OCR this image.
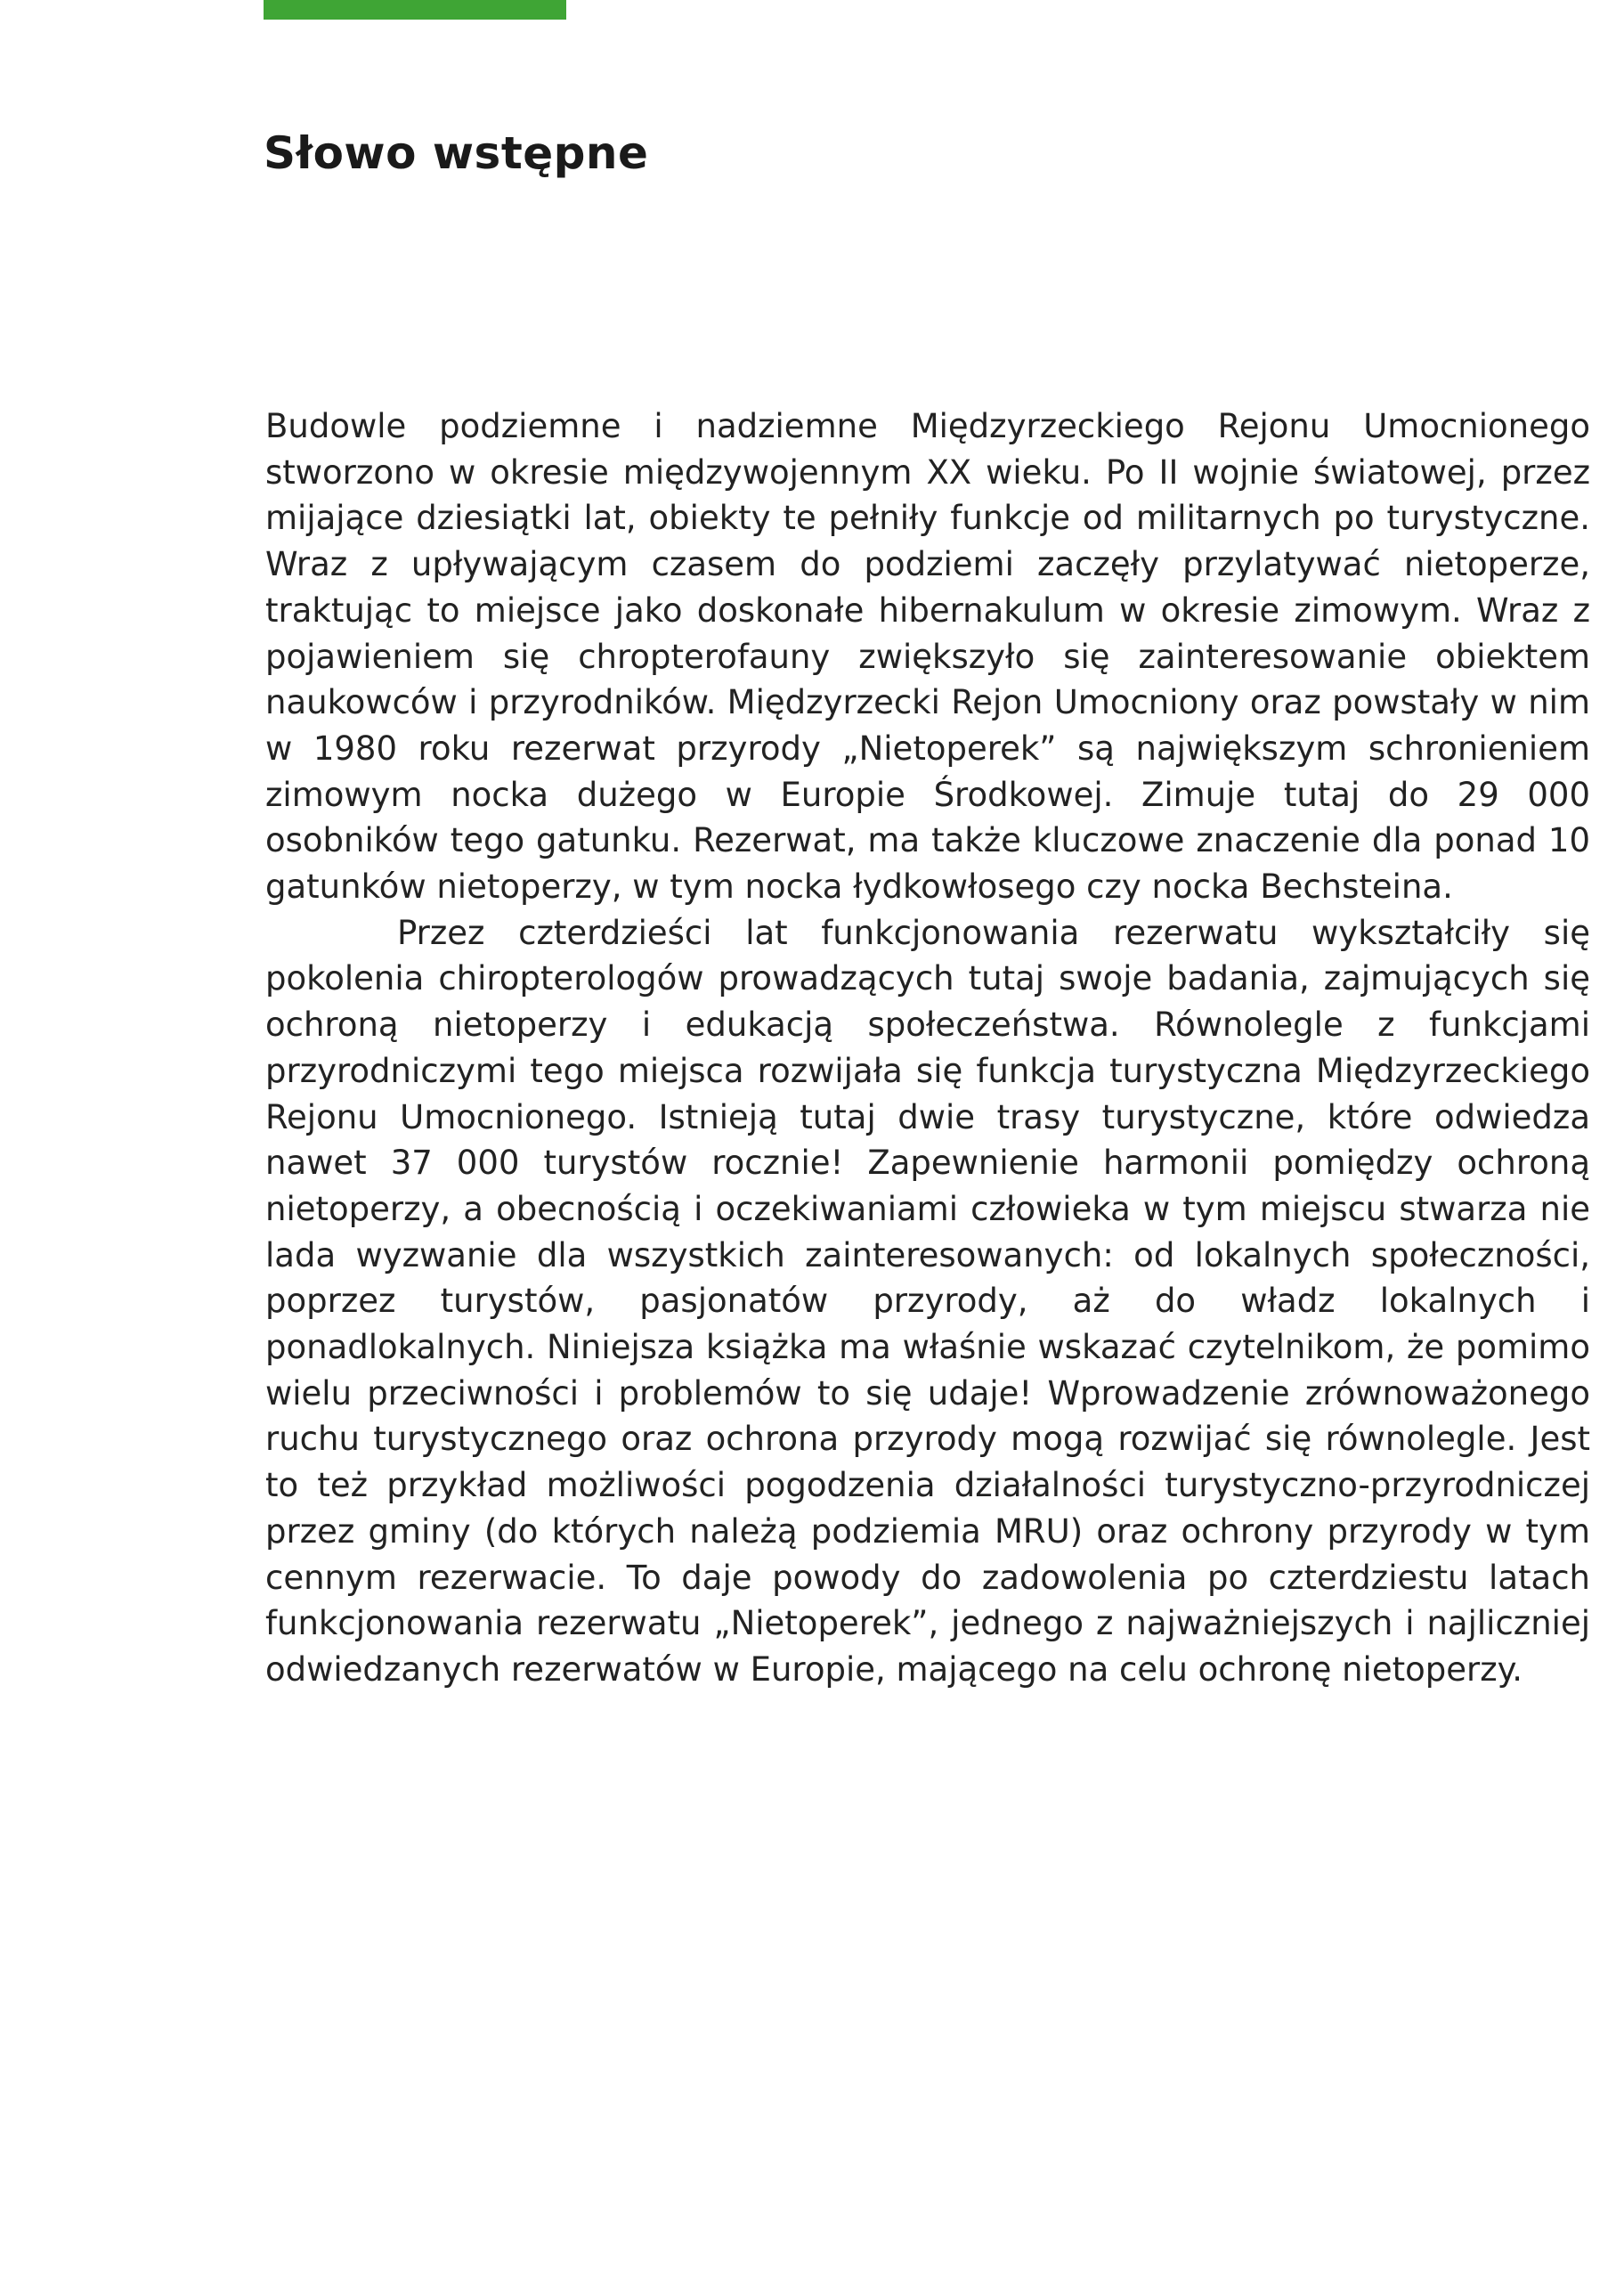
Słowo wstępne

Budowle podziemne i nadziemne Międzyrzeckiego Rejonu Umocnionego stworzono w okresie międzywojennym XX wieku. Po II wojnie światowej, przez mijające dziesiątki lat, obiekty te pełniły funkcje od militarnych po turystyczne. Wraz z upływającym czasem do podziemi zaczęły przylatywać nietoperze, traktując to miejsce jako doskonałe hibernakulum w okresie zimowym. Wraz z pojawieniem się chropterofauny zwiększyło się zainteresowanie obiektem naukowców i przyrodników. Międzyrzecki Rejon Umocniony oraz powstały w nim w 1980 roku rezerwat przyrody „Nietoperek” są największym schronieniem zimowym nocka dużego w Europie Środkowej. Zimuje tutaj do 29 000 osobników tego gatunku. Rezerwat, ma także kluczowe znaczenie dla ponad 10 gatunków nietoperzy, w tym nocka łydkowłosego czy nocka Bechsteina.

Przez czterdzieści lat funkcjonowania rezerwatu wykształciły się pokolenia chiropterologów prowadzących tutaj swoje badania, zajmujących się ochroną nietoperzy i edukacją społeczeństwa. Równolegle z funkcjami przyrodniczymi tego miejsca rozwijała się funkcja turystyczna Międzyrzeckiego Rejonu Umocnionego. Istnieją tutaj dwie trasy turystyczne, które odwiedza nawet 37 000 turystów rocznie! Zapewnienie harmonii pomiędzy ochroną nietoperzy, a obecnością i oczekiwaniami człowieka w tym miejscu stwarza nie lada wyzwanie dla wszystkich zainteresowanych: od lokalnych społeczności, poprzez turystów, pasjonatów przyrody, aż do władz lokalnych i ponadlokalnych. Niniejsza książka ma właśnie wskazać czytelnikom, że pomimo wielu przeciwności i problemów to się udaje! Wprowadzenie zrównoważonego ruchu turystycznego oraz ochrona przyrody mogą rozwijać się równolegle. Jest to też przykład możliwości pogodzenia działalności turystyczno-przyrodniczej przez gminy (do których należą podziemia MRU) oraz ochrony przyrody w tym cennym rezerwacie. To daje powody do zadowolenia po czterdziestu latach funkcjonowania rezerwatu „Nietoperek”, jednego z najważniejszych i najliczniej odwiedzanych rezerwatów w Europie, mającego na celu ochronę nietoperzy.
